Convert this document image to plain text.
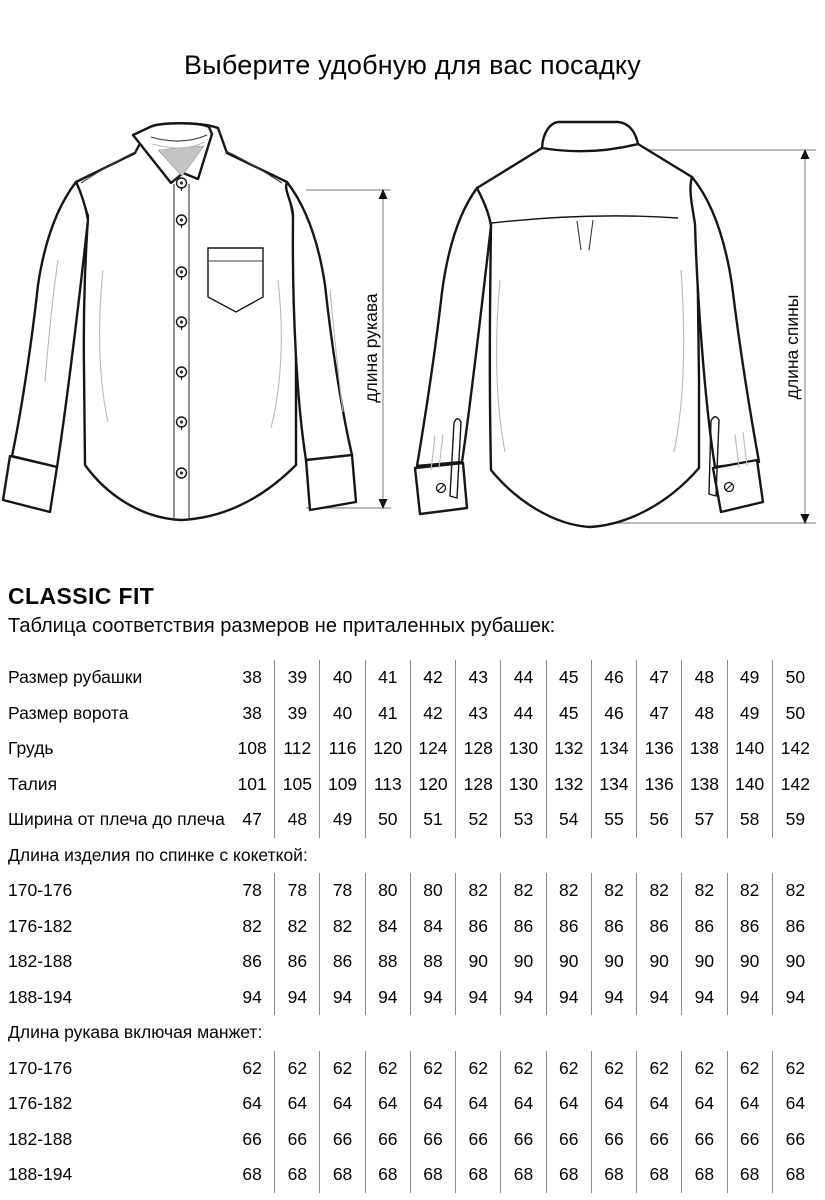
Выберите удобную для вас посадку
длина рукава	длина спины
CLASSIC FIT
Таблица соответствия размеров не приталенных рубашек:
Размер рубашки	38	39	40	41	42	43	44	45	46	47	48	49	50
Размер ворота	38	39	40	41	42	43	44	45	46	47	48	49	50
Грудь	108 112 116 120 124 128 130 132 134 136 138 140 142
Талия	101 105 109 113 120 128 130 132 134 136 138 140 142
Ширина от плеча до плеча	47	48	49	50	51	52	53	54	55	56	57	58	59
Длина изделия по спинке с кокеткой:
170-176	78	78	78	80	80	82	82	82	82	82	82	82	82
176-182	82	82	82	84	84	86	86	86	86	86	86	86	86
182-188	86	86	86	88	88	90	90	90	90	90	90	90	90
188-194	94	94	94	94	94	94	94	94	94	94	94	94	94
Длина рукава включая манжет:
170-176	62	62	62	62	62	62	62	62	62	62	62	62	62
176-182	64	64	64	64	64	64	64	64	64	64	64	64	64
182-188	66	66	66	66	66	66	66	66	66	66	66	66	66
188-194	68	68	68	68	68	68	68	68	68	68	68	68	68
